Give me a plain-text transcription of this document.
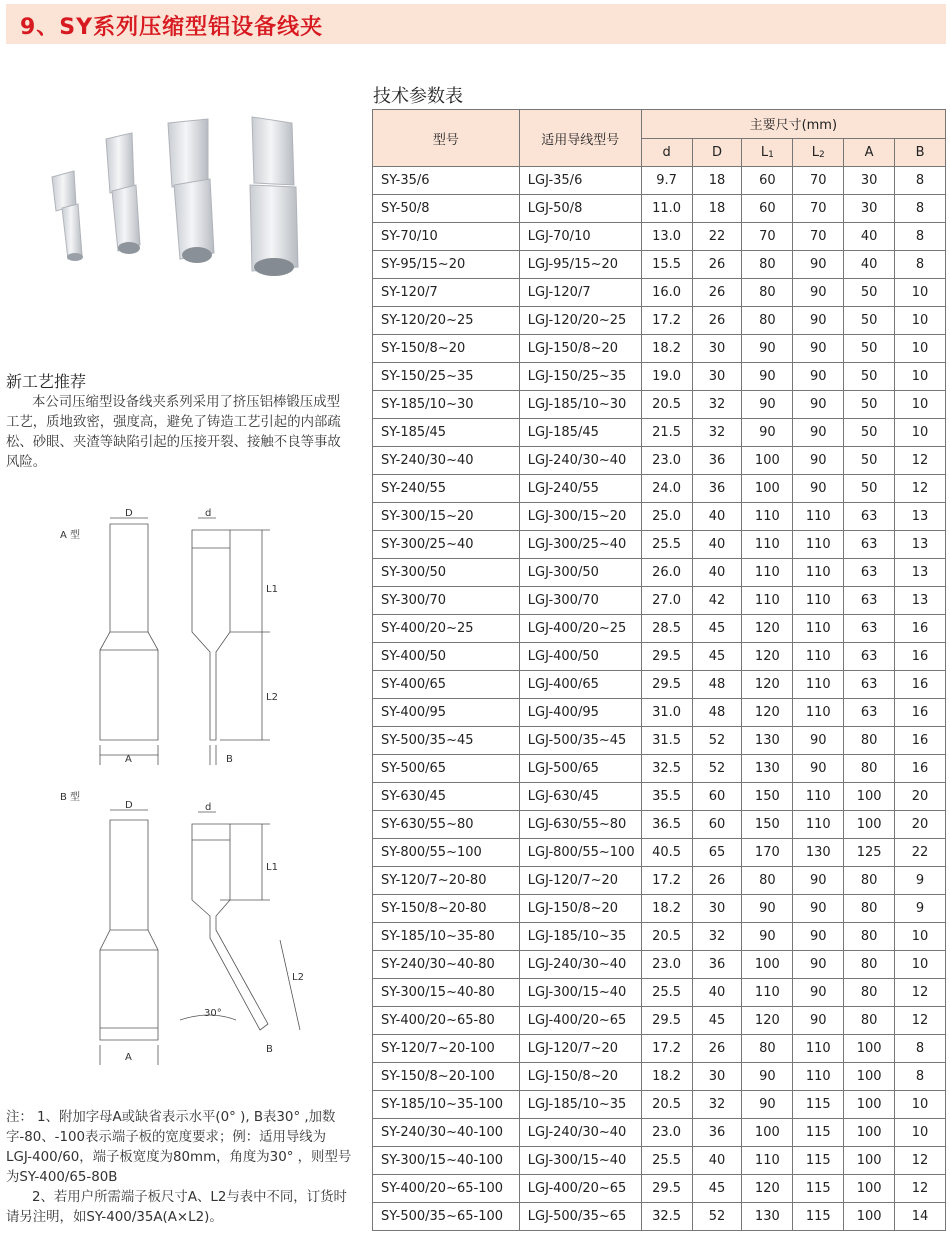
9、SY系列压缩型铝设备线夹
新工艺推荐

本公司压缩型设备线夹系列采用了挤压铝棒锻压成型工艺，质地致密，强度高，避免了铸造工艺引起的内部疏松、砂眼、夹渣等缺陷引起的压接开裂、接触不良等事故风险。

A 型
D	d
L1
L2
A	B
B 型
D	d
L1
L2
30°
A
B

注： 1、附加字母A或缺省表示水平(0° ), B表30° ,加数字-80、-100表示端子板的宽度要求；例：适用导线为LGJ-400/60，端子板宽度为80mm，角度为30° ，则型号为SY-400/65-80B

2、若用户所需端子板尺寸A、L2与表中不同，订货时请另注明，如SY-400/35A(A×L2)。

技术参数表
型号	适用导线型号	主要尺寸(mm)					
		d	D	L1	L2	A	B
SY-35/6	LGJ-35/6	9.7	18	60	70	30	8
SY-50/8	LGJ-50/8	11.0	18	60	70	30	8
SY-70/10	LGJ-70/10	13.0	22	70	70	40	8
SY-95/15~20	LGJ-95/15~20	15.5	26	80	90	40	8
SY-120/7	LGJ-120/7	16.0	26	80	90	50	10
SY-120/20~25	LGJ-120/20~25	17.2	26	80	90	50	10
SY-150/8~20	LGJ-150/8~20	18.2	30	90	90	50	10
SY-150/25~35	LGJ-150/25~35	19.0	30	90	90	50	10
SY-185/10~30	LGJ-185/10~30	20.5	32	90	90	50	10
SY-185/45	LGJ-185/45	21.5	32	90	90	50	10
SY-240/30~40	LGJ-240/30~40	23.0	36	100	90	50	12
SY-240/55	LGJ-240/55	24.0	36	100	90	50	12
SY-300/15~20	LGJ-300/15~20	25.0	40	110	110	63	13
SY-300/25~40	LGJ-300/25~40	25.5	40	110	110	63	13
SY-300/50	LGJ-300/50	26.0	40	110	110	63	13
SY-300/70	LGJ-300/70	27.0	42	110	110	63	13
SY-400/20~25	LGJ-400/20~25	28.5	45	120	110	63	16
SY-400/50	LGJ-400/50	29.5	45	120	110	63	16
SY-400/65	LGJ-400/65	29.5	48	120	110	63	16
SY-400/95	LGJ-400/95	31.0	48	120	110	63	16
SY-500/35~45	LGJ-500/35~45	31.5	52	130	90	80	16
SY-500/65	LGJ-500/65	32.5	52	130	90	80	16
SY-630/45	LGJ-630/45	35.5	60	150	110	100	20
SY-630/55~80	LGJ-630/55~80	36.5	60	150	110	100	20
SY-800/55~100	LGJ-800/55~100	40.5	65	170	130	125	22
SY-120/7~20-80	LGJ-120/7~20	17.2	26	80	90	80	9
SY-150/8~20-80	LGJ-150/8~20	18.2	30	90	90	80	9
SY-185/10~35-80	LGJ-185/10~35	20.5	32	90	90	80	10
SY-240/30~40-80	LGJ-240/30~40	23.0	36	100	90	80	10
SY-300/15~40-80	LGJ-300/15~40	25.5	40	110	90	80	12
SY-400/20~65-80	LGJ-400/20~65	29.5	45	120	90	80	12
SY-120/7~20-100	LGJ-120/7~20	17.2	26	80	110	100	8
SY-150/8~20-100	LGJ-150/8~20	18.2	30	90	110	100	8
SY-185/10~35-100	LGJ-185/10~35	20.5	32	90	115	100	10
SY-240/30~40-100	LGJ-240/30~40	23.0	36	100	115	100	10
SY-300/15~40-100	LGJ-300/15~40	25.5	40	110	115	100	12
SY-400/20~65-100	LGJ-400/20~65	29.5	45	120	115	100	12
SY-500/35~65-100	LGJ-500/35~65	32.5	52	130	115	100	14
